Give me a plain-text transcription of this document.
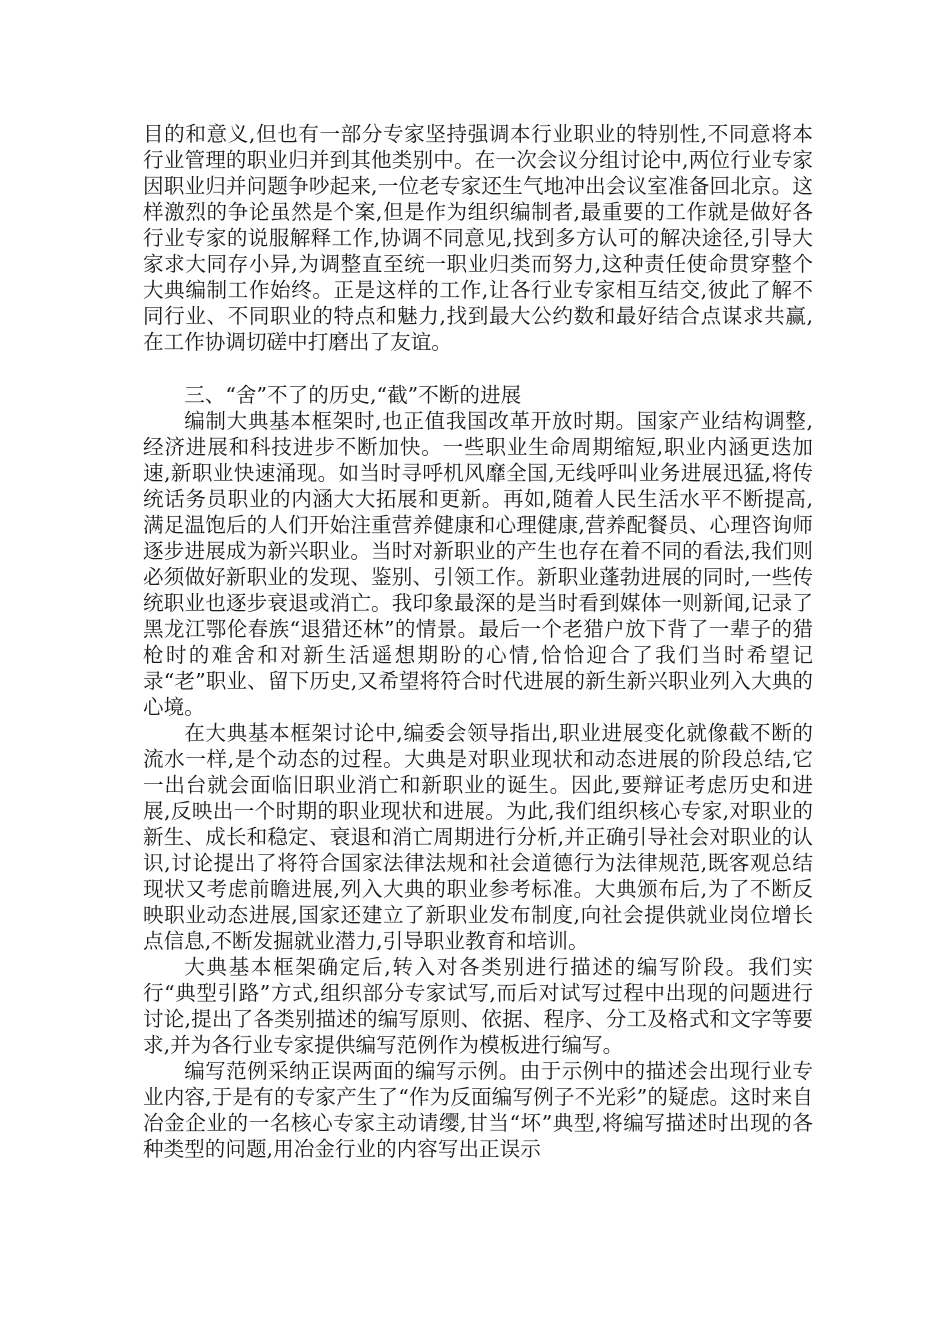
目的和意义,但也有一部分专家坚持强调本行业职业的特别性,不同意将本行业管理的职业归并到其他类别中。在一次会议分组讨论中,两位行业专家因职业归并问题争吵起来,一位老专家还生气地冲出会议室准备回北京。这样激烈的争论虽然是个案,但是作为组织编制者,最重要的工作就是做好各行业专家的说服解释工作,协调不同意见,找到多方认可的解决途径,引导大家求大同存小异,为调整直至统一职业归类而努力,这种责任使命贯穿整个大典编制工作始终。正是这样的工作,让各行业专家相互结交,彼此了解不同行业、不同职业的特点和魅力,找到最大公约数和最好结合点谋求共赢,在工作协调切磋中打磨出了友谊。

三、“舍”不了的历史,“截”不断的进展

编制大典基本框架时,也正值我国改革开放时期。国家产业结构调整,经济进展和科技进步不断加快。一些职业生命周期缩短,职业内涵更迭加速,新职业快速涌现。如当时寻呼机风靡全国,无线呼叫业务进展迅猛,将传统话务员职业的内涵大大拓展和更新。再如,随着人民生活水平不断提高,满足温饱后的人们开始注重营养健康和心理健康,营养配餐员、心理咨询师逐步进展成为新兴职业。当时对新职业的产生也存在着不同的看法,我们则必须做好新职业的发现、鉴别、引领工作。新职业蓬勃进展的同时,一些传统职业也逐步衰退或消亡。我印象最深的是当时看到媒体一则新闻,记录了黑龙江鄂伦春族“退猎还林”的情景。最后一个老猎户放下背了一辈子的猎枪时的难舍和对新生活遥想期盼的心情,恰恰迎合了我们当时希望记录“老”职业、留下历史,又希望将符合时代进展的新生新兴职业列入大典的心境。

在大典基本框架讨论中,编委会领导指出,职业进展变化就像截不断的流水一样,是个动态的过程。大典是对职业现状和动态进展的阶段总结,它一出台就会面临旧职业消亡和新职业的诞生。因此,要辩证考虑历史和进展,反映出一个时期的职业现状和进展。为此,我们组织核心专家,对职业的新生、成长和稳定、衰退和消亡周期进行分析,并正确引导社会对职业的认识,讨论提出了将符合国家法律法规和社会道德行为法律规范,既客观总结现状又考虑前瞻进展,列入大典的职业参考标准。大典颁布后,为了不断反映职业动态进展,国家还建立了新职业发布制度,向社会提供就业岗位增长点信息,不断发掘就业潜力,引导职业教育和培训。

大典基本框架确定后,转入对各类别进行描述的编写阶段。我们实行“典型引路”方式,组织部分专家试写,而后对试写过程中出现的问题进行讨论,提出了各类别描述的编写原则、依据、程序、分工及格式和文字等要求,并为各行业专家提供编写范例作为模板进行编写。

编写范例采纳正误两面的编写示例。由于示例中的描述会出现行业专业内容,于是有的专家产生了“作为反面编写例子不光彩”的疑虑。这时来自冶金企业的一名核心专家主动请缨,甘当“坏”典型,将编写描述时出现的各种类型的问题,用冶金行业的内容写出正误示
